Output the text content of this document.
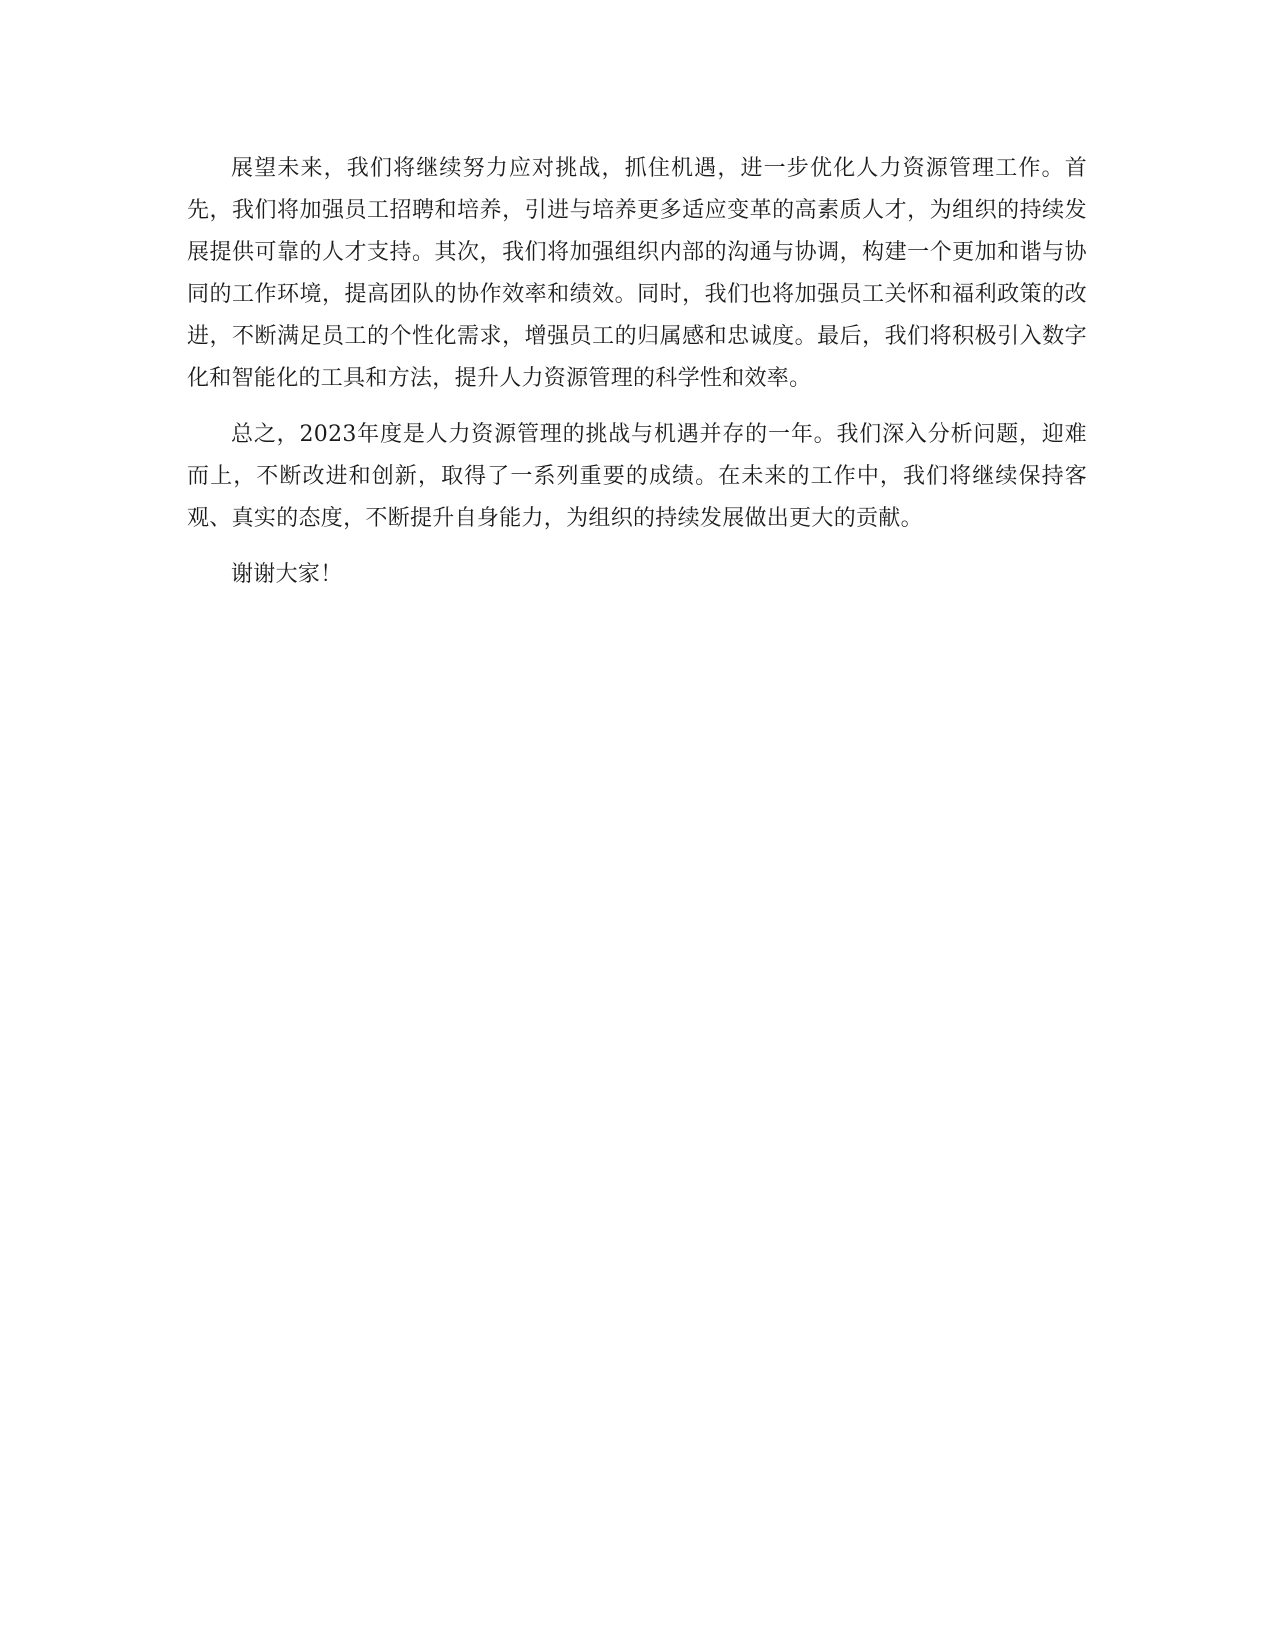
展望未来，我们将继续努力应对挑战，抓住机遇，进一步优化人力资源管理工作。首先，我们将加强员工招聘和培养，引进与培养更多适应变革的高素质人才，为组织的持续发展提供可靠的人才支持。其次，我们将加强组织内部的沟通与协调，构建一个更加和谐与协同的工作环境，提高团队的协作效率和绩效。同时，我们也将加强员工关怀和福利政策的改进，不断满足员工的个性化需求，增强员工的归属感和忠诚度。最后，我们将积极引入数字化和智能化的工具和方法，提升人力资源管理的科学性和效率。

总之，2023年度是人力资源管理的挑战与机遇并存的一年。我们深入分析问题，迎难而上，不断改进和创新，取得了一系列重要的成绩。在未来的工作中，我们将继续保持客观、真实的态度，不断提升自身能力，为组织的持续发展做出更大的贡献。

谢谢大家！
